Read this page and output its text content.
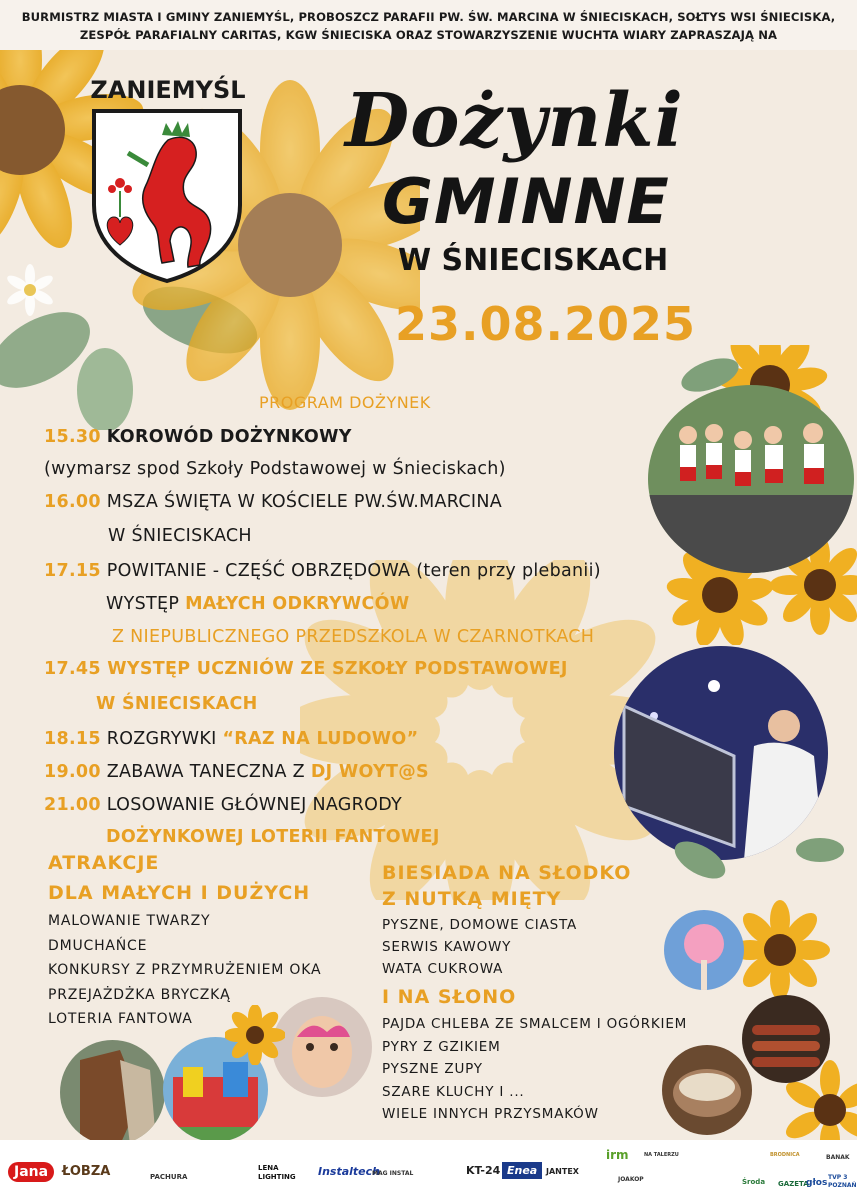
BURMISTRZ MIASTA I GMINY ZANIEMYŚL, PROBOSZCZ PARAFII PW. ŚW. MARCINA W ŚNIECISKACH, SOŁTYS WSI ŚNIECISKA,
ZESPÓŁ PARAFIALNY CARITAS, KGW ŚNIECISKA ORAZ STOWARZYSZENIE WUCHTA WIARY ZAPRASZAJĄ NA
ZANIEMYŚL Dożynki
GMINNE
W ŚNIECISKACH
23.08.2025
PROGRAM DOŻYNEK
15.30 KOROWÓD DOŻYNKOWY
(wymarsz spod Szkoły Podstawowej w Śnieciskach)
16.00 MSZA ŚWIĘTA W KOŚCIELE PW.ŚW.MARCINA
W ŚNIECISKACH
17.15 POWITANIE - CZĘŚĆ OBRZĘDOWA (teren przy plebanii)
WYSTĘP MAŁYCH ODKRYWCÓW
Z NIEPUBLICZNEGO PRZEDSZKOLA W CZARNOTKACH
17.45 WYSTĘP UCZNIÓW ZE SZKOŁY PODSTAWOWEJ
W ŚNIECISKACH
18.15 ROZGRYWKI “RAZ NA LUDOWO”
19.00 ZABAWA TANECZNA Z DJ WOYT@S
21.00 LOSOWANIE GŁÓWNEJ NAGRODY
DOŻYNKOWEJ LOTERII FANTOWEJ
ATRAKCJE
DLA MAŁYCH I DUŻYCH
MALOWANIE TWARZY
DMUCHAŃCE
KONKURSY Z PRZYMRUŻENIEM OKA
PRZEJAŻDŻKA BRYCZKĄ
LOTERIA FANTOWA
BIESIADA NA SŁODKO
Z NUTKĄ MIĘTY
PYSZNE, DOMOWE CIASTA
SERWIS KAWOWY
WATA CUKROWA
I NA SŁONO
PAJDA CHLEBA ZE SMALCEM I OGÓRKIEM
PYRY Z GZIKIEM
PYSZNE ZUPY
SZARE KLUCHY I ...
WIELE INNYCH PRZYSMAKÓW
Jana	ŁOBZA	PACHURA
LENA LIGHTING Instaltech
MAG INSTAL	KT-24 Enea	JANTEX
irm	NA TALERZU
JOAKOP
GAZETA
Środa	głos
TVP 3 POZNAŃ
BRODNICA	BANAK
